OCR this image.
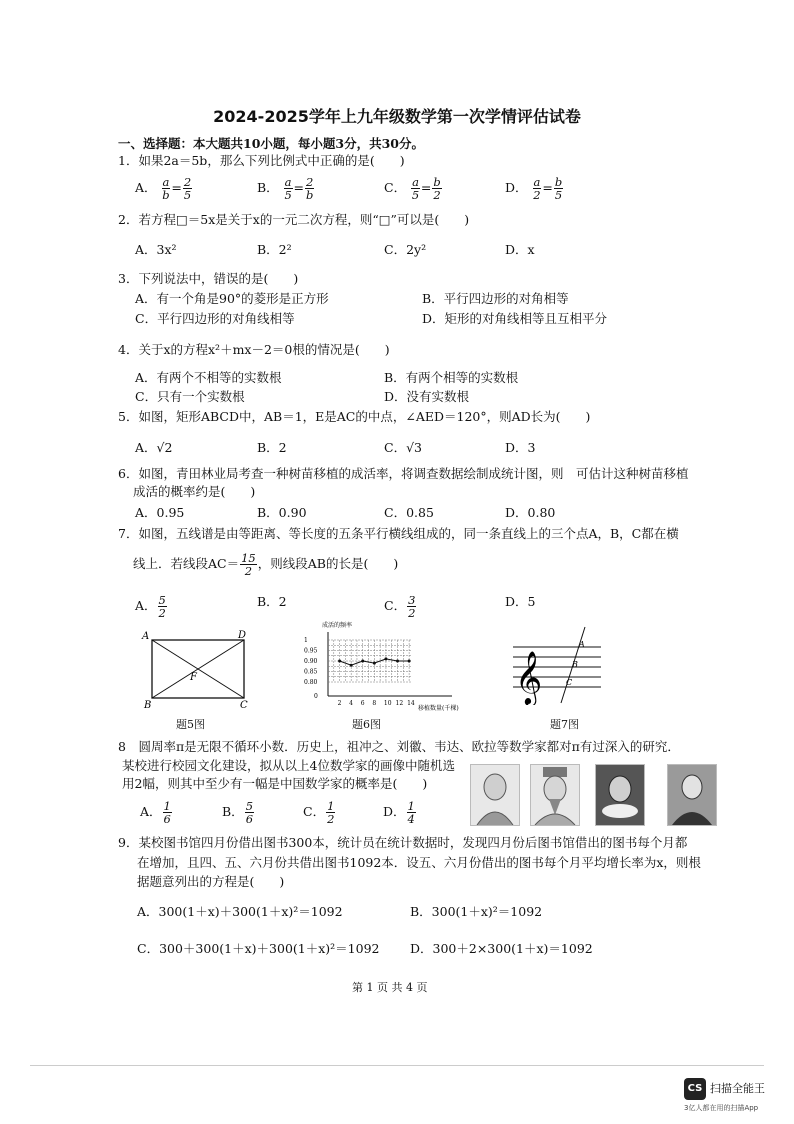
2024-2025学年上九年级数学第一次学情评估试卷
一、选择题：本大题共10小题，每小题3分，共30分。
1．如果2a＝5b，那么下列比例式中正确的是(　　)
A． $\frac{a}{b} = \frac{2}{5}$	B． $\frac{a}{5} = \frac{2}{b}$	C． $\frac{a}{5} = \frac{b}{2}$	D． $\frac{a}{2} = \frac{b}{5}$
2．若方程□＝5x是关于x的一元二次方程，则“□”可以是(　　)
A．3x²	B．2²	C．2y²	D．x
3．下列说法中，错误的是(　　)
A．有一个角是90°的菱形是正方形	B．平行四边形的对角相等
C．平行四边形的对角线相等	D．矩形的对角线相等且互相平分
4．关于x的方程x²＋mx－2＝0根的情况是(　　)
A．有两个不相等的实数根	B．有两个相等的实数根
C．只有一个实数根	D．没有实数根
5．如图，矩形ABCD中，AB＝1，E是AC的中点，∠AED＝120°，则AD长为(　　)
A．√2	B．2	C．√3	D．3
6．如图，青田林业局考查一种树苗移植的成活率，将调查数据绘制成统计图，则　可估计这种树苗移植
成活的概率约是(　　)
A．0.95	B．0.90	C．0.85	D．0.80
7．如图，五线谱是由等距离、等长度的五条平行横线组成的，同一条直线上的三个点A，B，C都在横
线上．若线段$AC= \frac{15}{2}$ ，则线段AB的长是(　　)
A． $\frac{5}{2}$	B．2	C． $\frac{3}{2}$	D．5
A	D
B	C
F
题5图
成活的频率
移植数量(千棵)
1
0.95
0.90
0.85
0.80
0
2 4 6 8 10 12 14
题6图
𝄞
A
B
C
题7图
8　圆周率π是无限不循环小数．历史上，祖冲之、刘徽、韦达、欧拉等数学家都对π有过深入的研究．
某校进行校园文化建设，拟从以上4位数学家的画像中随机选
用2幅，则其中至少有一幅是中国数学家的概率是(　　)
A． $\frac{1}{6}$	B． $\frac{5}{6}$	C． $\frac{1}{2}$	D． $\frac{1}{4}$
9．某校图书馆四月份借出图书300本，统计员在统计数据时，发现四月份后图书馆借出的图书每个月都
在增加，且四、五、六月份共借出图书1092本．设五、六月份借出的图书每个月平均增长率为x，则根
据题意列出的方程是(　　)
A．300(1＋x)＋300(1＋x)²＝1092	B．300(1＋x)²＝1092
C．300＋300(1＋x)＋300(1＋x)²＝1092 D．300＋2×300(1＋x)＝1092
第 1 页 共 4 页
CS 扫描全能王
3亿人都在用的扫描App
